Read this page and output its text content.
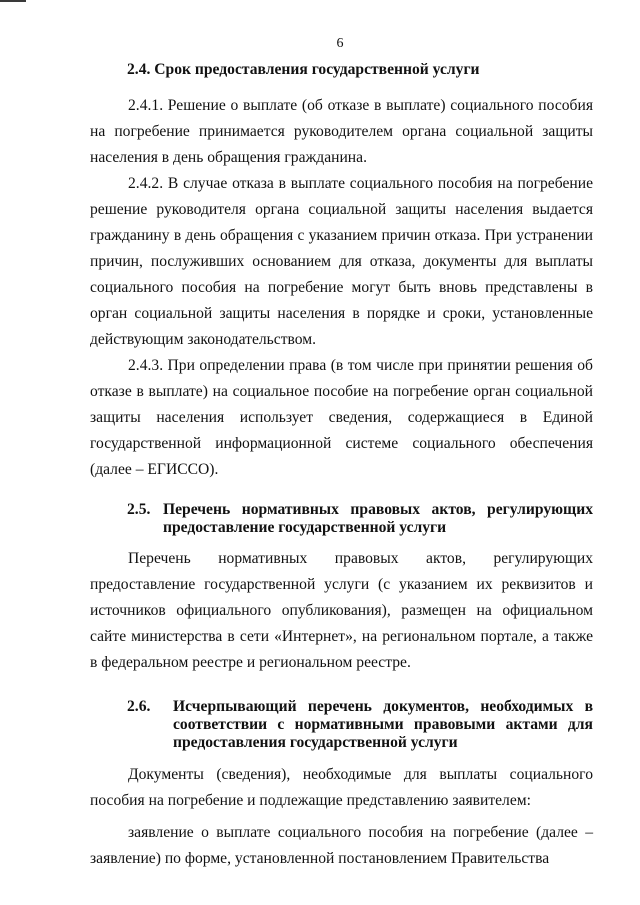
6
2.4. Срок предоставления государственной услуги

2.4.1. Решение о выплате (об отказе в выплате) социального пособия на погребение принимается руководителем органа социальной защиты населения в день обращения гражданина.

2.4.2. В случае отказа в выплате социального пособия на погребение решение руководителя органа социальной защиты населения выдается гражданину в день обращения с указанием причин отказа. При устранении причин, послуживших основанием для отказа, документы для выплаты социального пособия на погребение могут быть вновь представлены в орган социальной защиты населения в порядке и сроки, установленные действующим законодательством.

2.4.3. При определении права (в том числе при принятии решения об отказе в выплате) на социальное пособие на погребение орган социальной защиты населения использует сведения, содержащиеся в Единой государственной информационной системе социального обеспечения (далее – ЕГИССО).

2.5. Перечень нормативных правовых актов, регулирующих предоставление государственной услуги

Перечень нормативных правовых актов, регулирующих предоставление государственной услуги (с указанием их реквизитов и источников официального опубликования), размещен на официальном сайте министерства в сети «Интернет», на региональном портале, а также в федеральном реестре и региональном реестре.

2.6. Исчерпывающий перечень документов, необходимых в соответствии с нормативными правовыми актами для предоставления государственной услуги

Документы (сведения), необходимые для выплаты социального пособия на погребение и подлежащие представлению заявителем:

заявление о выплате социального пособия на погребение (далее – заявление) по форме, установленной постановлением Правительства
